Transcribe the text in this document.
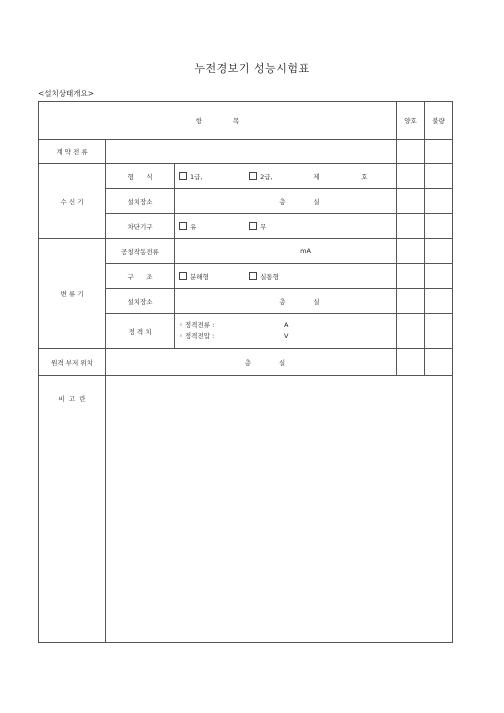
누전경보기 성능시험표
<설치상태개요>
항               목			양호	불량
계 약 전 류				
수 신 기	형      식	1급, 2급, 제 호		
	설치장소	층 실		
	차단기구	유 무		
변 류 기	공칭작동전류	mA		
	구      조	분해형 실통형		
	설치장소	층 실		
	정 격 치	◦ 정격전류 : A
◦ 정격전압 : V		

원격 부저 위치	층 실			
비  고  란				
